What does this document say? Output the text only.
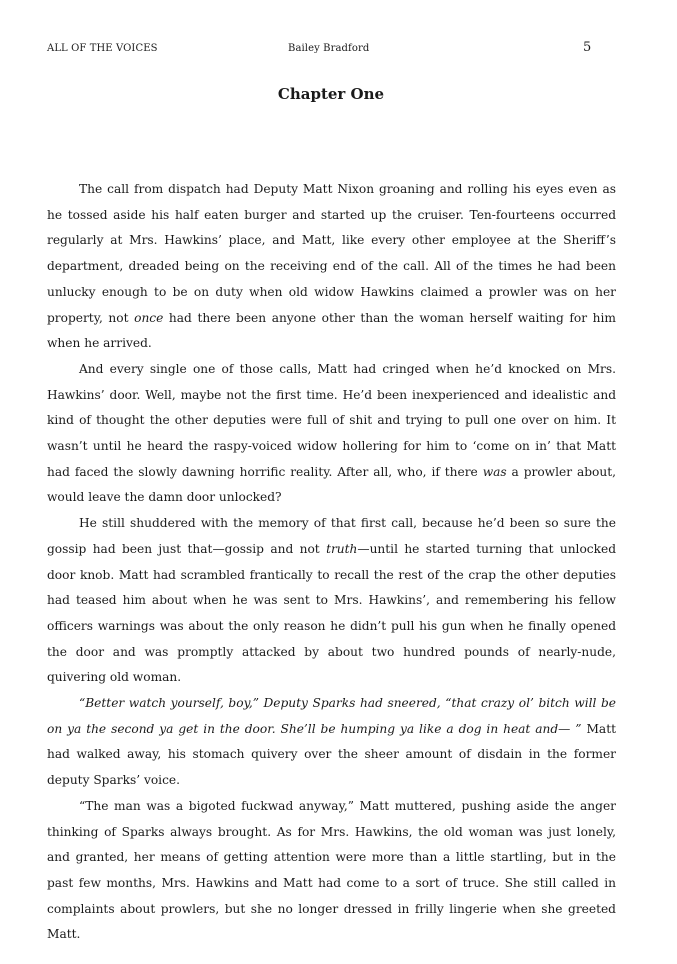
ALL OF THE VOICES	Bailey Bradford	5
Chapter One

The call from dispatch had Deputy Matt Nixon groaning and rolling his eyes even as he tossed aside his half eaten burger and started up the cruiser. Ten-fourteens occurred regularly at Mrs. Hawkins’ place, and Matt, like every other employee at the Sheriff’s department, dreaded being on the receiving end of the call. All of the times he had been unlucky enough to be on duty when old widow Hawkins claimed a prowler was on her property, not once had there been anyone other than the woman herself waiting for him when he arrived.

And every single one of those calls, Matt had cringed when he’d knocked on Mrs. Hawkins’ door. Well, maybe not the first time. He’d been inexperienced and idealistic and kind of thought the other deputies were full of shit and trying to pull one over on him. It wasn’t until he heard the raspy-voiced widow hollering for him to ‘come on in’ that Matt had faced the slowly dawning horrific reality. After all, who, if there was a prowler about, would leave the damn door unlocked?

He still shuddered with the memory of that first call, because he’d been so sure the gossip had been just that—gossip and not truth—until he started turning that unlocked door knob. Matt had scrambled frantically to recall the rest of the crap the other deputies had teased him about when he was sent to Mrs. Hawkins’, and remembering his fellow officers warnings was about the only reason he didn’t pull his gun when he finally opened the door and was promptly attacked by about two hundred pounds of nearly-nude, quivering old woman.

“Better watch yourself, boy,” Deputy Sparks had sneered, “that crazy ol’ bitch will be on ya the second ya get in the door. She’ll be humping ya like a dog in heat and— ” Matt had walked away, his stomach quivery over the sheer amount of disdain in the former deputy Sparks’ voice.

“The man was a bigoted fuckwad anyway,” Matt muttered, pushing aside the anger thinking of Sparks always brought. As for Mrs. Hawkins, the old woman was just lonely, and granted, her means of getting attention were more than a little startling, but in the past few months, Mrs. Hawkins and Matt had come to a sort of truce. She still called in complaints about prowlers, but she no longer dressed in frilly lingerie when she greeted Matt.
